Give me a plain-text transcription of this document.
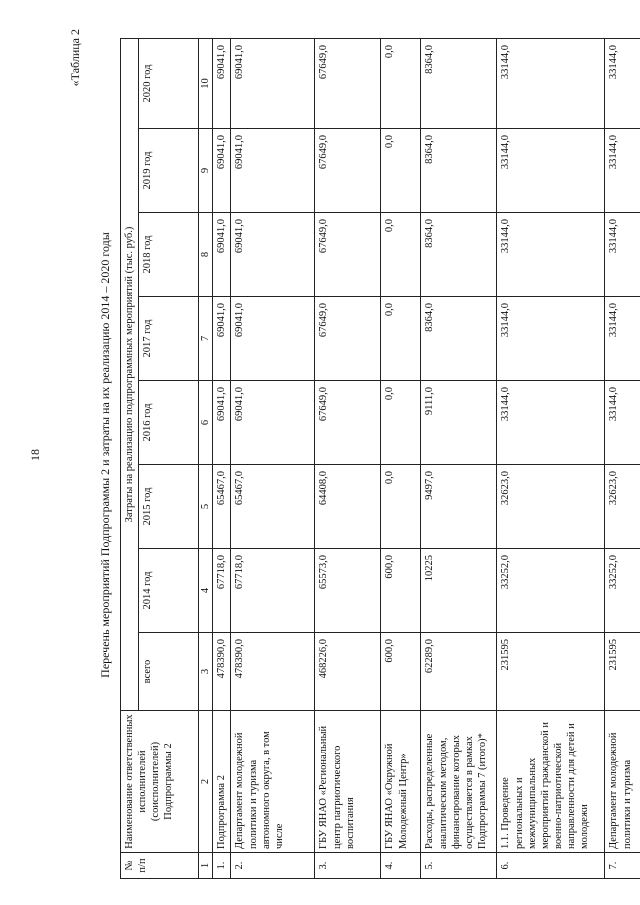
18
«Таблица 2
Перечень мероприятий Подпрограммы 2 и затраты на их реализацию 2014 – 2020 годы
№ п/п	Наименование ответственных исполнителей (соисполнителей) Подпрограммы 2	Затраты на реализацию подпрограммных мероприятий (тыс. руб.)							
		всего	2014 год	2015 год	2016 год	2017 год	2018 год	2019 год	2020 год
1	2	3	4	5	6	7	8	9	10
1.	Подпрограмма 2	478390,0	67718,0	65467,0	69041,0	69041,0	69041,0	69041,0	69041,0
2.	Департамент молодежной политики и туризма автономного округа, в том числе	478390,0	67718,0	65467,0	69041,0	69041,0	69041,0	69041,0	69041,0
3.	ГБУ ЯНАО «Региональный центр патриотического воспитания	468226,0	65573,0	64408,0	67649,0	67649,0	67649,0	67649,0	67649,0
4.	ГБУ ЯНАО «Окружной Молодежный Центр»	600,0	600,0	0,0	0,0	0,0	0,0	0,0	0,0
5.	Расходы, распределенные аналитическим методом, финансирование которых осуществляется в рамках Подпрограммы 7 (итого)*	62289,0	10225	9497,0	9111,0	8364,0	8364,0	8364,0	8364,0
6.	1.1. Проведение региональных и межмуниципальных мероприятий гражданской и военно-патриотической направленности для детей и молодежи	231595	33252,0	32623,0	33144,0	33144,0	33144,0	33144,0	33144,0
7.	Департамент молодежной политики и туризма	231595	33252,0	32623,0	33144,0	33144,0	33144,0	33144,0	33144,0
